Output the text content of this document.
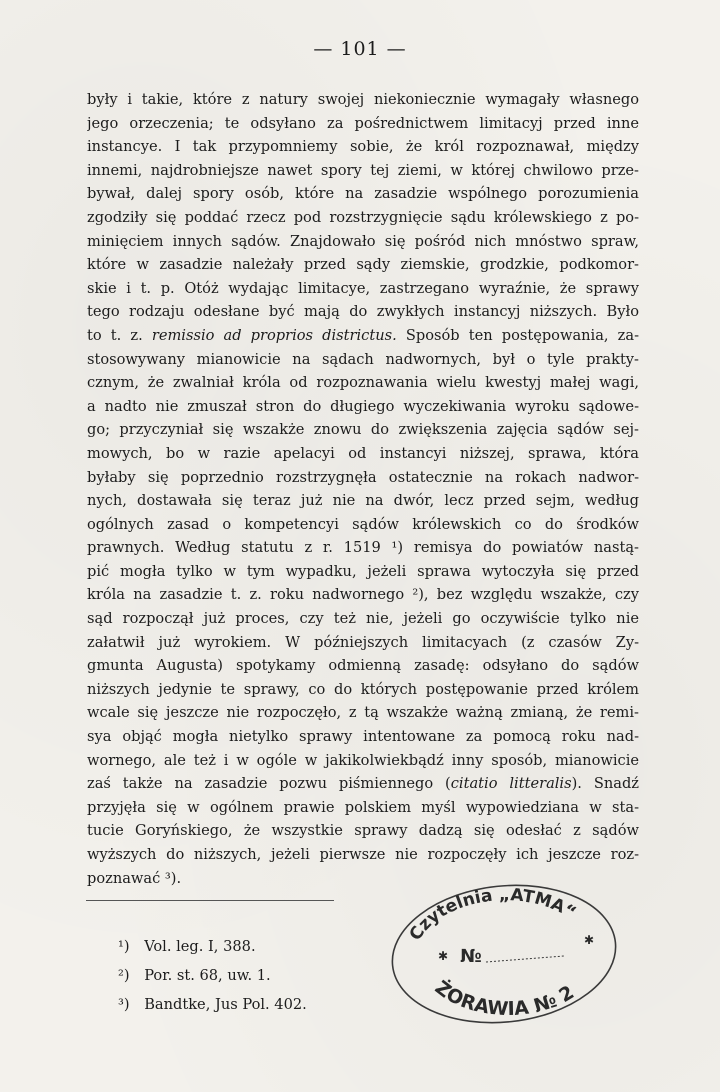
— 101 —
były i takie, które z natury swojej niekoniecznie wymagały własnego
jego orzeczenia; te odsyłano za pośrednictwem limitacyj przed inne
instancye. I tak przypomniemy sobie, że król rozpoznawał, między
innemi, najdrobniejsze nawet spory tej ziemi, w której chwilowo prze-
bywał, dalej spory osób, które na zasadzie wspólnego porozumienia
zgodziły się poddać rzecz pod rozstrzygnięcie sądu królewskiego z po-
minięciem innych sądów. Znajdowało się pośród nich mnóstwo spraw,
które w zasadzie należały przed sądy ziemskie, grodzkie, podkomor-
skie i t. p. Otóż wydając limitacye, zastrzegano wyraźnie, że sprawy
tego rodzaju odesłane być mają do zwykłych instancyj niższych. Było
to t. z. remissio ad proprios districtus. Sposób ten postępowania, za-
stosowywany mianowicie na sądach nadwornych, był o tyle prakty-
cznym, że zwalniał króla od rozpoznawania wielu kwestyj małej wagi,
a nadto nie zmuszał stron do długiego wyczekiwania wyroku sądowe-
go; przyczyniał się wszakże znowu do zwiększenia zajęcia sądów sej-
mowych, bo w razie apelacyi od instancyi niższej, sprawa, która
byłaby się poprzednio rozstrzygnęła ostatecznie na rokach nadwor-
nych, dostawała się teraz już nie na dwór, lecz przed sejm, według
ogólnych zasad o kompetencyi sądów królewskich co do środków
prawnych. Według statutu z r. 1519 ¹) remisya do powiatów nastą-
pić mogła tylko w tym wypadku, jeżeli sprawa wytoczyła się przed
króla na zasadzie t. z. roku nadwornego ²), bez względu wszakże, czy
sąd rozpoczął już proces, czy też nie, jeżeli go oczywiście tylko nie
załatwił już wyrokiem. W późniejszych limitacyach (z czasów Zy-
gmunta Augusta) spotykamy odmienną zasadę: odsyłano do sądów
niższych jedynie te sprawy, co do których postępowanie przed królem
wcale się jeszcze nie rozpoczęło, z tą wszakże ważną zmianą, że remi-
sya objąć mogła nietylko sprawy intentowane za pomocą roku nad-
wornego, ale też i w ogóle w jakikolwiekbądź inny sposób, mianowicie
zaś także na zasadzie pozwu piśmiennego (citatio litteralis). Snadź
przyjęła się w ogólnem prawie polskiem myśl wypowiedziana w sta-
tucie Goryńskiego, że wszystkie sprawy dadzą się odesłać z sądów
wyższych do niższych, jeżeli pierwsze nie rozpoczęły ich jeszcze roz-
poznawać ³).
¹) Vol. leg. I, 388.
²) Por. st. 68, uw. 1.
³) Bandtke, Jus Pol. 402.
Czytelnia „ATMA“
✱
✱
№
ŻORAWIA № 2
